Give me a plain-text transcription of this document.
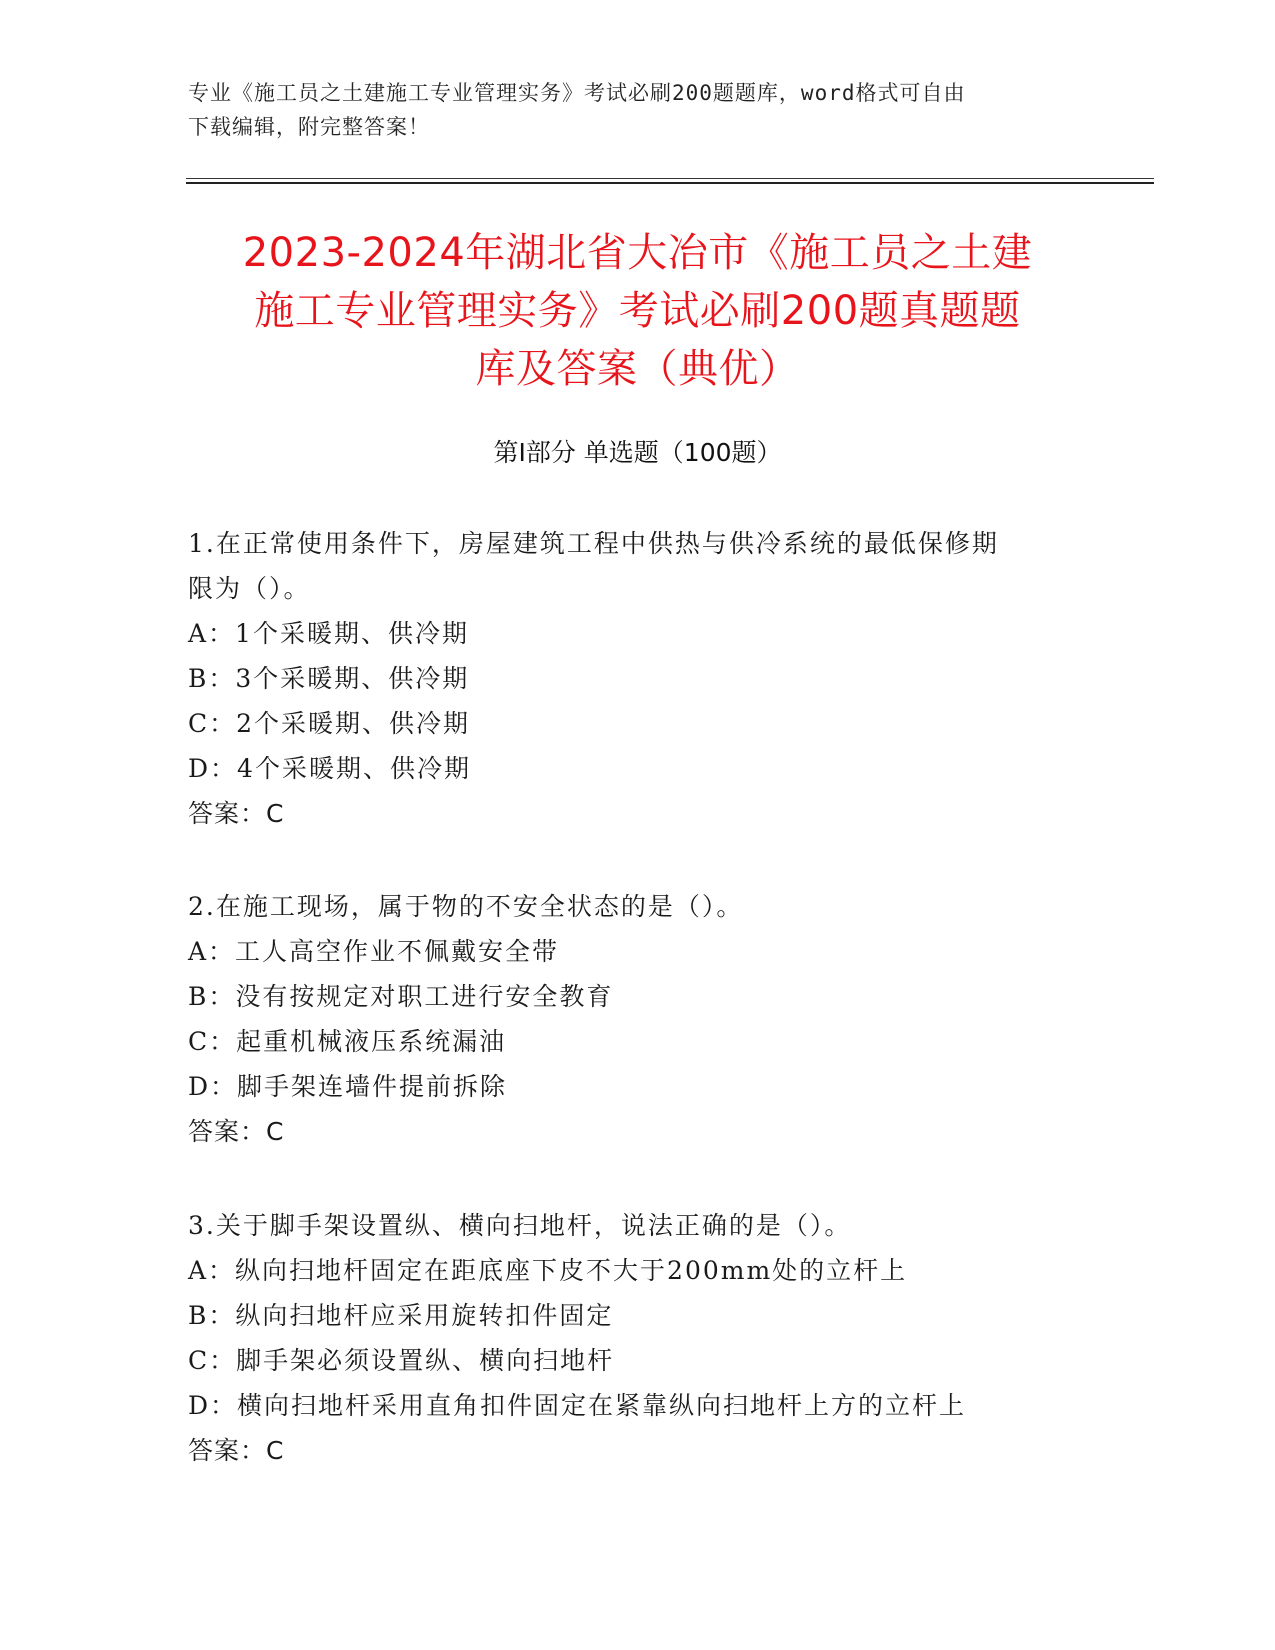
专业《施工员之土建施工专业管理实务》考试必刷200题题库，word格式可自由
下载编辑，附完整答案！
2023-2024年湖北省大冶市《施工员之土建
施工专业管理实务》考试必刷200题真题题
库及答案（典优）
第Ⅰ部分 单选题（100题）

1.在正常使用条件下，房屋建筑工程中供热与供冷系统的最低保修期

限为（）。

A：1个采暖期、供冷期

B：3个采暖期、供冷期

C：2个采暖期、供冷期

D：4个采暖期、供冷期

答案：C

2.在施工现场，属于物的不安全状态的是（）。

A：工人高空作业不佩戴安全带

B：没有按规定对职工进行安全教育

C：起重机械液压系统漏油

D：脚手架连墙件提前拆除

答案：C

3.关于脚手架设置纵、横向扫地杆，说法正确的是（）。

A：纵向扫地杆固定在距底座下皮不大于200mm处的立杆上

B：纵向扫地杆应采用旋转扣件固定

C：脚手架必须设置纵、横向扫地杆

D：横向扫地杆采用直角扣件固定在紧靠纵向扫地杆上方的立杆上

答案：C
